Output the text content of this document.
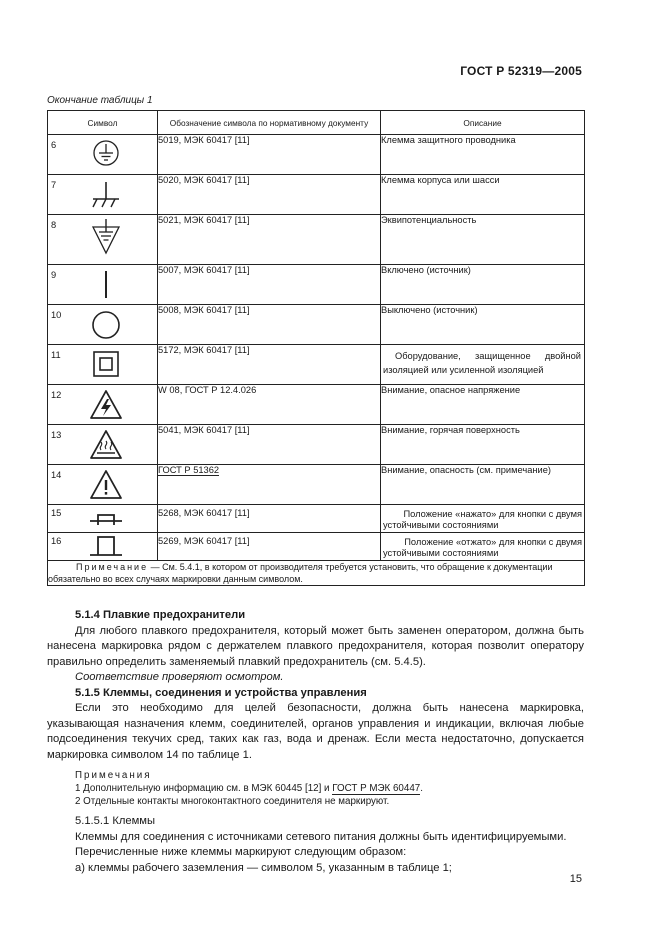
ГОСТ Р 52319—2005
Окончание таблицы 1
Символ	Обозначение символа по нормативному документу	Описание

6	5019, МЭК 60417 [11]	Клемма защитного проводника

7	5020, МЭК 60417 [11]	Клемма корпуса или шасси

8	5021, МЭК 60417 [11]	Эквипотенциальность

9	5007, МЭК 60417 [11]	Включено (источник)

10	5008, МЭК 60417 [11]	Выключено (источник)

11	5172, МЭК 60417 [11]	Оборудование, защищенное двойной изоляцией или усиленной изоляцией

12	W 08, ГОСТ Р 12.4.026	Внимание, опасное напряжение

13	5041, МЭК 60417 [11]	Внимание, горячая поверхность

14	ГОСТ Р 51362	Внимание, опасность (см. примечание)

15	5268, МЭК 60417 [11]	Положение «нажато» для кнопки с двумя
устойчивыми состояниями

16	5269, МЭК 60417 [11]	Положение «отжато» для кнопки с двумя
устойчивыми состояниями
Примечание — См. 5.4.1, в котором от производителя требуется установить, что обращение к документации обязательно во всех случаях маркировки данным символом.		

5.1.4 Плавкие предохранители

Для любого плавкого предохранителя, который может быть заменен оператором, должна быть нанесена маркировка рядом с держателем плавкого предохранителя, которая позволит оператору правильно определить заменяемый плавкий предохранитель (см. 5.4.5).

Соответствие проверяют осмотром.

5.1.5 Клеммы, соединения и устройства управления

Если это необходимо для целей безопасности, должна быть нанесена маркировка, указывающая назначения клемм, соединителей, органов управления и индикации, включая любые подсоединения текучих сред, таких как газ, вода и дренаж. Если места недостаточно, допускается маркировка символом 14 по таблице 1.

Примечания

1 Дополнительную информацию см. в МЭК 60445 [12] и ГОСТ Р МЭК 60447.

2 Отдельные контакты многоконтактного соединителя не маркируют.

5.1.5.1 Клеммы

Клеммы для соединения с источниками сетевого питания должны быть идентифицируемыми.

Перечисленные ниже клеммы маркируют следующим образом:

а) клеммы рабочего заземления — символом 5, указанным в таблице 1;

15
